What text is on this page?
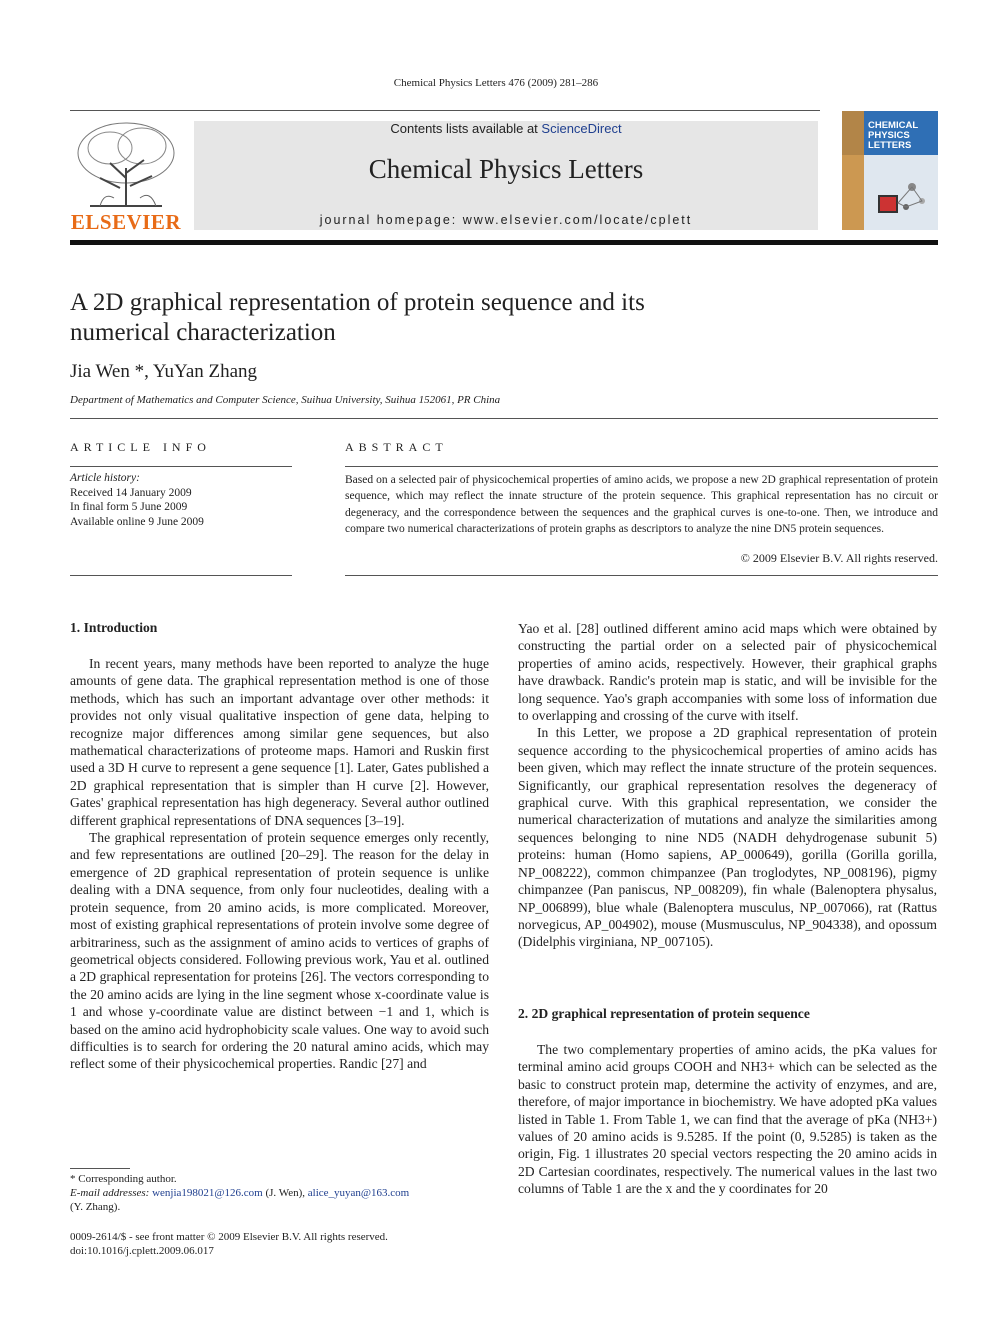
Chemical Physics Letters 476 (2009) 281–286
ELSEVIER
Contents lists available at ScienceDirect
Chemical Physics Letters
journal homepage: www.elsevier.com/locate/cplett
CHEMICAL PHYSICS LETTERS
A 2D graphical representation of protein sequence and its numerical characterization
Jia Wen *, YuYan Zhang
Department of Mathematics and Computer Science, Suihua University, Suihua 152061, PR China
ARTICLE INFO	ABSTRACT
Article history:
Received 14 January 2009
In final form 5 June 2009
Available online 9 June 2009
Based on a selected pair of physicochemical properties of amino acids, we propose a new 2D graphical representation of protein sequence, which may reflect the innate structure of the protein sequence. This graphical representation has no circuit or degeneracy, and the correspondence between the sequences and the graphical curves is one-to-one. Then, we introduce and compare two numerical characterizations of protein graphs as descriptors to analyze the nine DN5 protein sequences.
© 2009 Elsevier B.V. All rights reserved.
1. Introduction

In recent years, many methods have been reported to analyze the huge amounts of gene data. The graphical representation method is one of those methods, which has such an important advantage over other methods: it provides not only visual qualitative inspection of gene data, helping to recognize major differences among similar gene sequences, but also mathematical characterizations of proteome maps. Hamori and Ruskin first used a 3D H curve to represent a gene sequence [1]. Later, Gates published a 2D graphical representation that is simpler than H curve [2]. However, Gates' graphical representation has high degeneracy. Several author outlined different graphical representations of DNA sequences [3–19].

The graphical representation of protein sequence emerges only recently, and few representations are outlined [20–29]. The reason for the delay in emergence of 2D graphical representation of protein sequence is unlike dealing with a DNA sequence, from only four nucleotides, dealing with a protein sequence, from 20 amino acids, is more complicated. Moreover, most of existing graphical representations of protein involve some degree of arbitrariness, such as the assignment of amino acids to vertices of graphs of geometrical objects considered. Following previous work, Yau et al. outlined a 2D graphical representation for proteins [26]. The vectors corresponding to the 20 amino acids are lying in the line segment whose x-coordinate value is 1 and whose y-coordinate value are distinct between −1 and 1, which is based on the amino acid hydrophobicity scale values. One way to avoid such difficulties is to search for ordering the 20 natural amino acids, which may reflect some of their physicochemical properties. Randic [27] and

Yao et al. [28] outlined different amino acid maps which were obtained by constructing the partial order on a selected pair of physicochemical properties of amino acids, respectively. However, their graphical graphs have drawback. Randic's protein map is static, and will be invisible for the long sequence. Yao's graph accompanies with some loss of information due to overlapping and crossing of the curve with itself.

In this Letter, we propose a 2D graphical representation of protein sequence according to the physicochemical properties of amino acids has been given, which may reflect the innate structure of the protein sequences. Significantly, our graphical representation resolves the degeneracy of graphical curve. With this graphical representation, we consider the numerical characterization of mutations and analyze the similarities among sequences belonging to nine ND5 (NADH dehydrogenase subunit 5) proteins: human (Homo sapiens, AP_000649), gorilla (Gorilla gorilla, NP_008222), common chimpanzee (Pan troglodytes, NP_008196), pigmy chimpanzee (Pan paniscus, NP_008209), fin whale (Balenoptera physalus, NP_006899), blue whale (Balenoptera musculus, NP_007066), rat (Rattus norvegicus, AP_004902), mouse (Musmusculus, NP_904338), and opossum (Didelphis virginiana, NP_007105).

2. 2D graphical representation of protein sequence

The two complementary properties of amino acids, the pKa values for terminal amino acid groups COOH and NH3+ which can be selected as the basic to construct protein map, determine the activity of enzymes, and are, therefore, of major importance in biochemistry. We have adopted pKa values listed in Table 1. From Table 1, we can find that the average of pKa (NH3+) values of 20 amino acids is 9.5285. If the point (0, 9.5285) is taken as the origin, Fig. 1 illustrates 20 special vectors respecting the 20 amino acids in 2D Cartesian coordinates, respectively. The numerical values in the last two columns of Table 1 are the x and the y coordinates for 20

* Corresponding author.
E-mail addresses: wenjia198021@126.com (J. Wen), alice_yuyan@163.com
(Y. Zhang).
0009-2614/$ - see front matter © 2009 Elsevier B.V. All rights reserved.
doi:10.1016/j.cplett.2009.06.017
